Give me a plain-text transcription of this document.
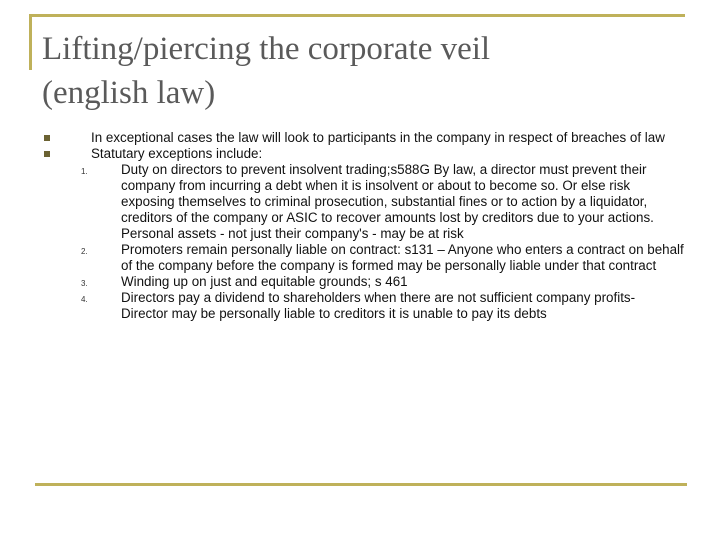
Lifting/piercing the corporate veil
(english law)
In exceptional cases the law will look to participants in the company in respect of breaches of law
Statutary exceptions include:
1. Duty on directors to prevent insolvent trading;s588G By law, a director must prevent their company from incurring a debt when it is insolvent or about to become so. Or else risk exposing themselves to criminal prosecution, substantial fines or to action by a liquidator, creditors of the company or ASIC to recover amounts lost by creditors due to your actions. Personal assets - not just their company's - may be at risk
2. Promoters remain personally liable on contract: s131 – Anyone who enters a contract on behalf of the company before the company is formed may be personally liable under that contract
3. Winding up on just and equitable grounds; s 461
4. Directors pay a dividend to shareholders when there are not sufficient company profits- Director may be personally liable to creditors it is unable to pay its debts
